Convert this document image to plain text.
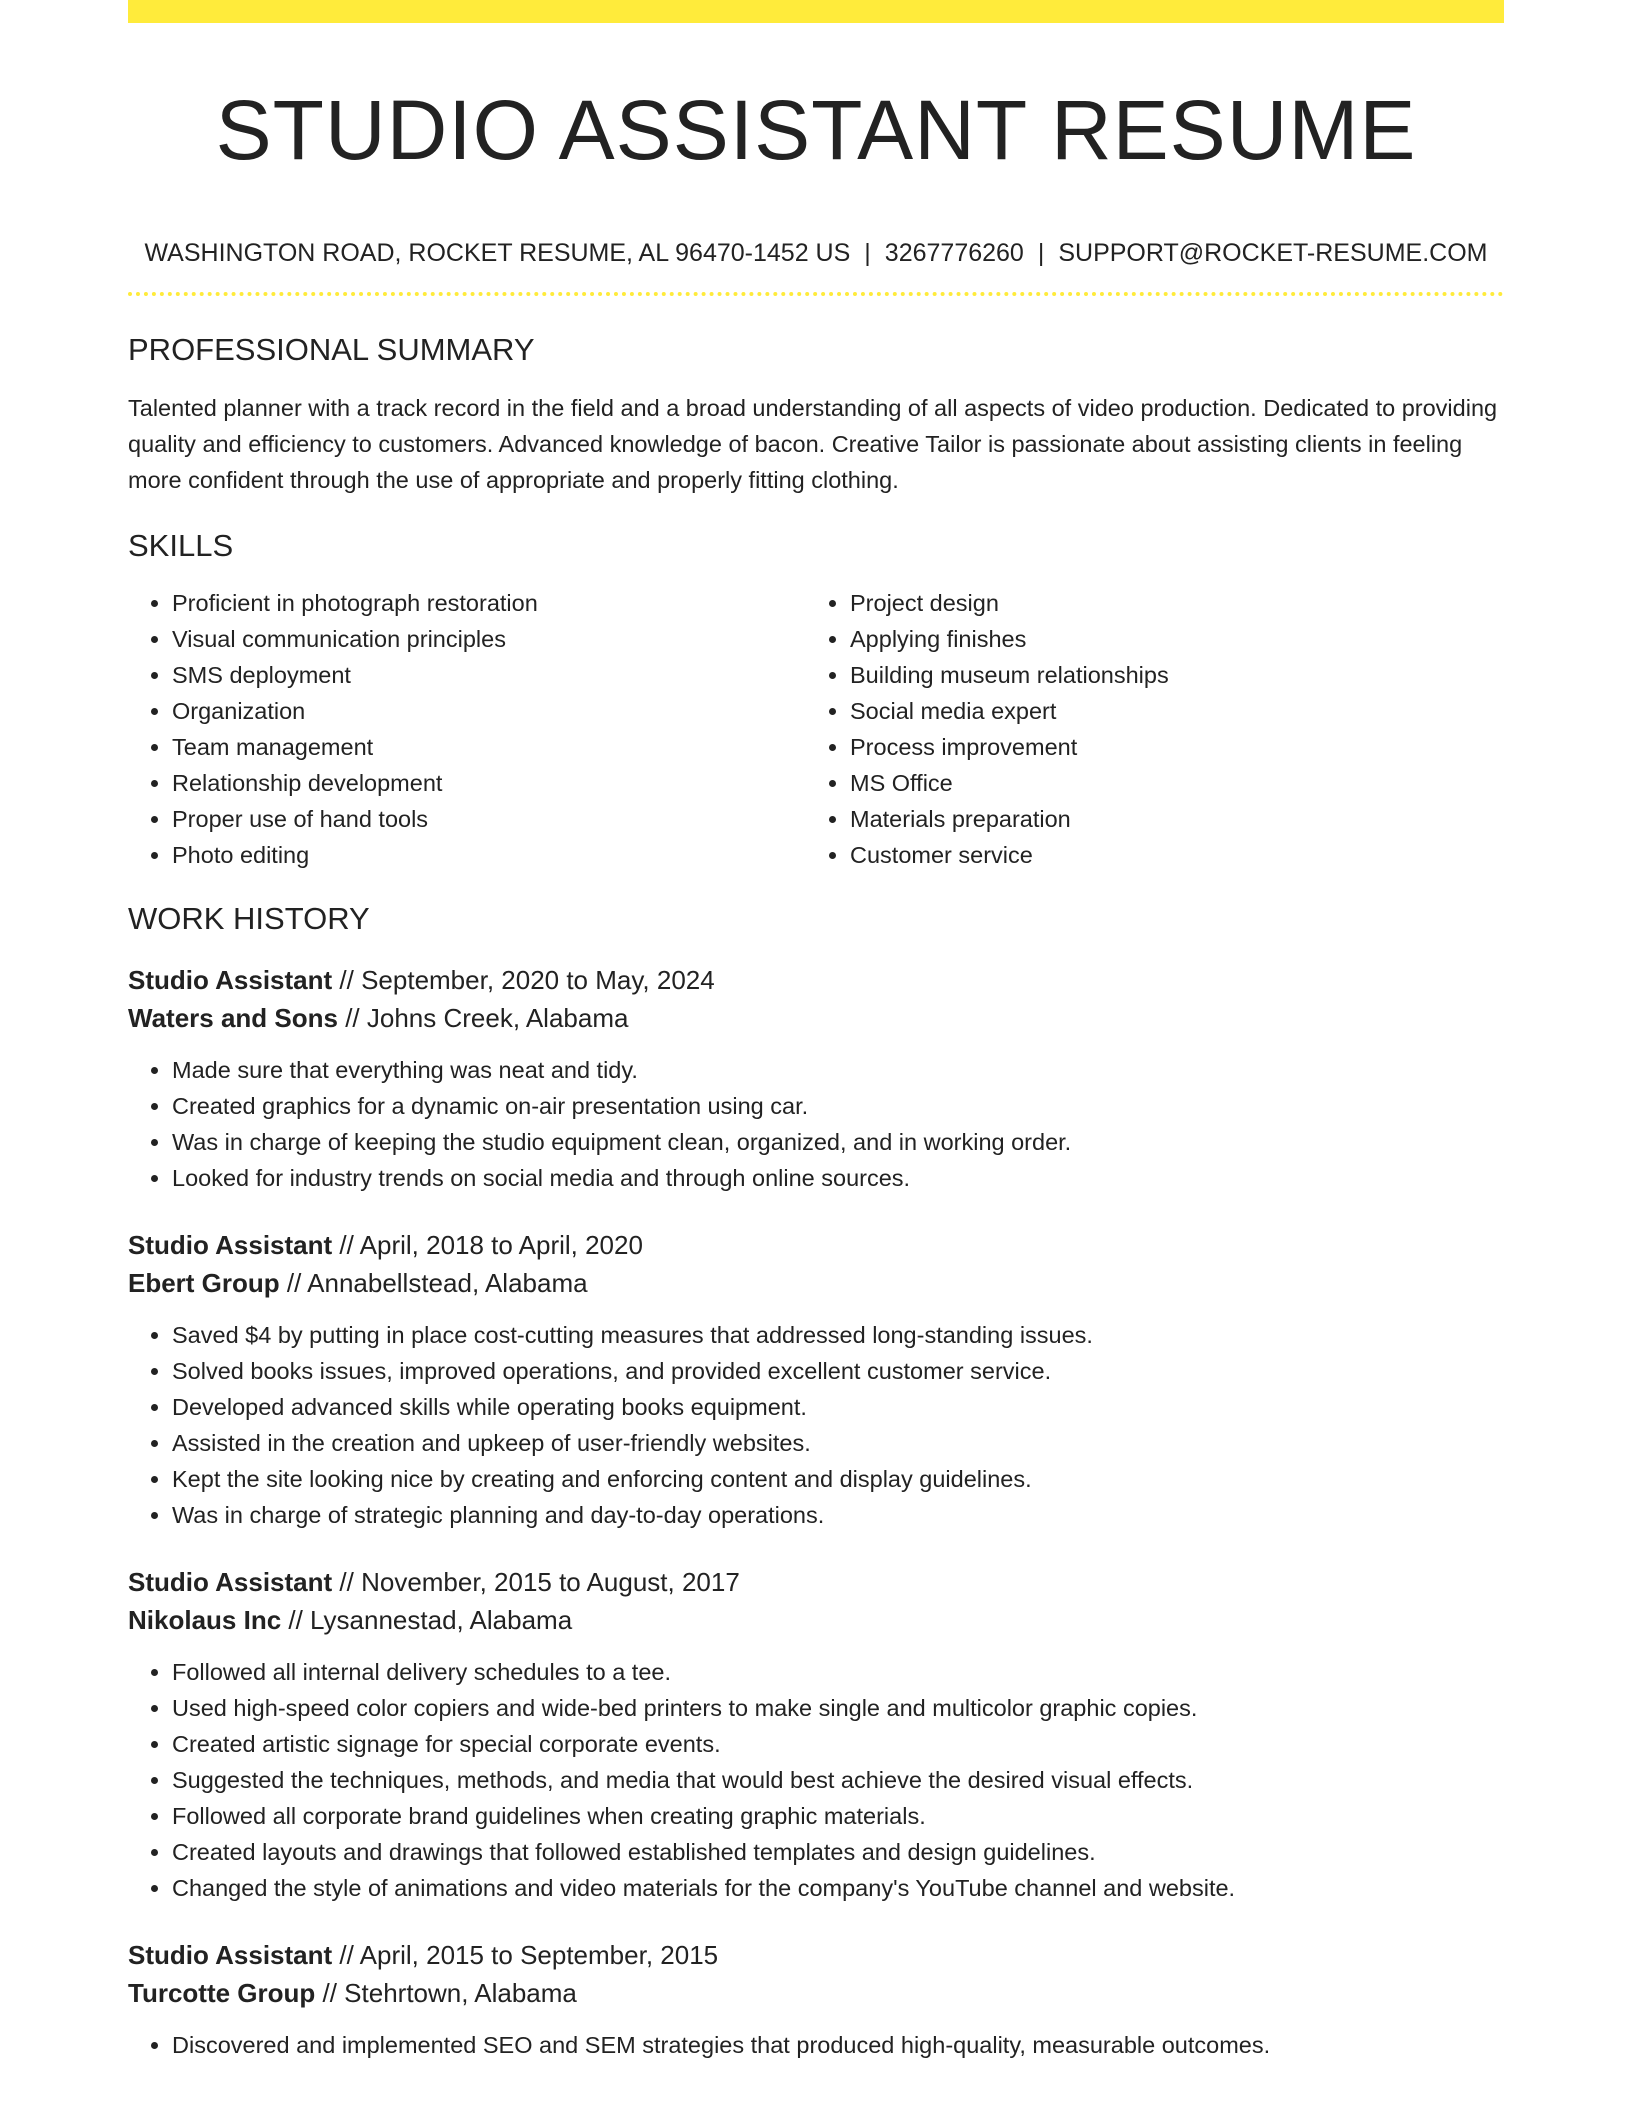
STUDIO ASSISTANT RESUME
WASHINGTON ROAD, ROCKET RESUME, AL 96470-1452 US | 3267776260 | SUPPORT@ROCKET-RESUME.COM
PROFESSIONAL SUMMARY

Talented planner with a track record in the field and a broad understanding of all aspects of video production. Dedicated to providing quality and efficiency to customers. Advanced knowledge of bacon. Creative Tailor is passionate about assisting clients in feeling more confident through the use of appropriate and properly fitting clothing.

SKILLS
• Proficient in photograph restoration
• Visual communication principles
• SMS deployment
• Organization
• Team management
• Relationship development
• Proper use of hand tools
• Photo editing
• Project design
• Applying finishes
• Building museum relationships
• Social media expert
• Process improvement
• MS Office
• Materials preparation
• Customer service
WORK HISTORY
Studio Assistant // September, 2020 to May, 2024
Waters and Sons // Johns Creek, Alabama
• Made sure that everything was neat and tidy.
• Created graphics for a dynamic on-air presentation using car.
• Was in charge of keeping the studio equipment clean, organized, and in working order.
• Looked for industry trends on social media and through online sources.
Studio Assistant // April, 2018 to April, 2020
Ebert Group // Annabellstead, Alabama
• Saved $4 by putting in place cost-cutting measures that addressed long-standing issues.
• Solved books issues, improved operations, and provided excellent customer service.
• Developed advanced skills while operating books equipment.
• Assisted in the creation and upkeep of user-friendly websites.
• Kept the site looking nice by creating and enforcing content and display guidelines.
• Was in charge of strategic planning and day-to-day operations.
Studio Assistant // November, 2015 to August, 2017
Nikolaus Inc // Lysannestad, Alabama
• Followed all internal delivery schedules to a tee.
• Used high-speed color copiers and wide-bed printers to make single and multicolor graphic copies.
• Created artistic signage for special corporate events.
• Suggested the techniques, methods, and media that would best achieve the desired visual effects.
• Followed all corporate brand guidelines when creating graphic materials.
• Created layouts and drawings that followed established templates and design guidelines.
• Changed the style of animations and video materials for the company's YouTube channel and website.
Studio Assistant // April, 2015 to September, 2015
Turcotte Group // Stehrtown, Alabama
• Discovered and implemented SEO and SEM strategies that produced high-quality, measurable outcomes.
